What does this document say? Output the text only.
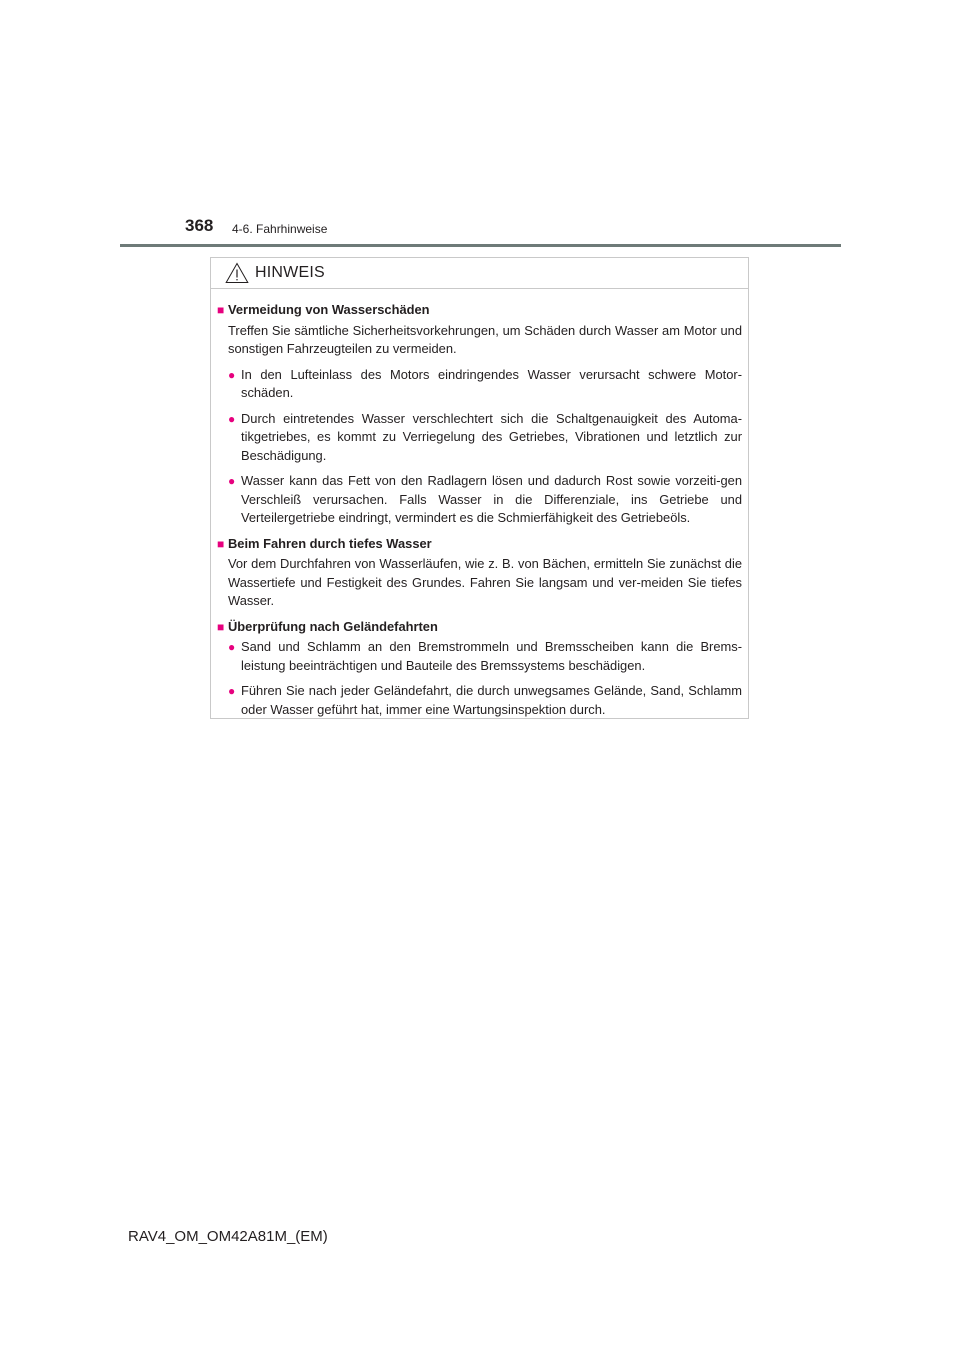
368 4-6. Fahrhinweise
HINWEIS
■ Vermeidung von Wasserschäden
Treffen Sie sämtliche Sicherheitsvorkehrungen, um Schäden durch Wasser am Motor und sonstigen Fahrzeugteilen zu vermeiden.
● In den Lufteinlass des Motors eindringendes Wasser verursacht schwere Motor-schäden.
● Durch eintretendes Wasser verschlechtert sich die Schaltgenauigkeit des Automa-tikgetriebes, es kommt zu Verriegelung des Getriebes, Vibrationen und letztlich zur Beschädigung.
● Wasser kann das Fett von den Radlagern lösen und dadurch Rost sowie vorzeiti-gen Verschleiß verursachen. Falls Wasser in die Differenziale, ins Getriebe und Verteilergetriebe eindringt, vermindert es die Schmierfähigkeit des Getriebeöls.
■ Beim Fahren durch tiefes Wasser
Vor dem Durchfahren von Wasserläufen, wie z. B. von Bächen, ermitteln Sie zunächst die Wassertiefe und Festigkeit des Grundes. Fahren Sie langsam und ver-meiden Sie tiefes Wasser.
■ Überprüfung nach Geländefahrten
● Sand und Schlamm an den Bremstrommeln und Bremsscheiben kann die Brems-leistung beeinträchtigen und Bauteile des Bremssystems beschädigen.
● Führen Sie nach jeder Geländefahrt, die durch unwegsames Gelände, Sand, Schlamm oder Wasser geführt hat, immer eine Wartungsinspektion durch.
RAV4_OM_OM42A81M_(EM)
